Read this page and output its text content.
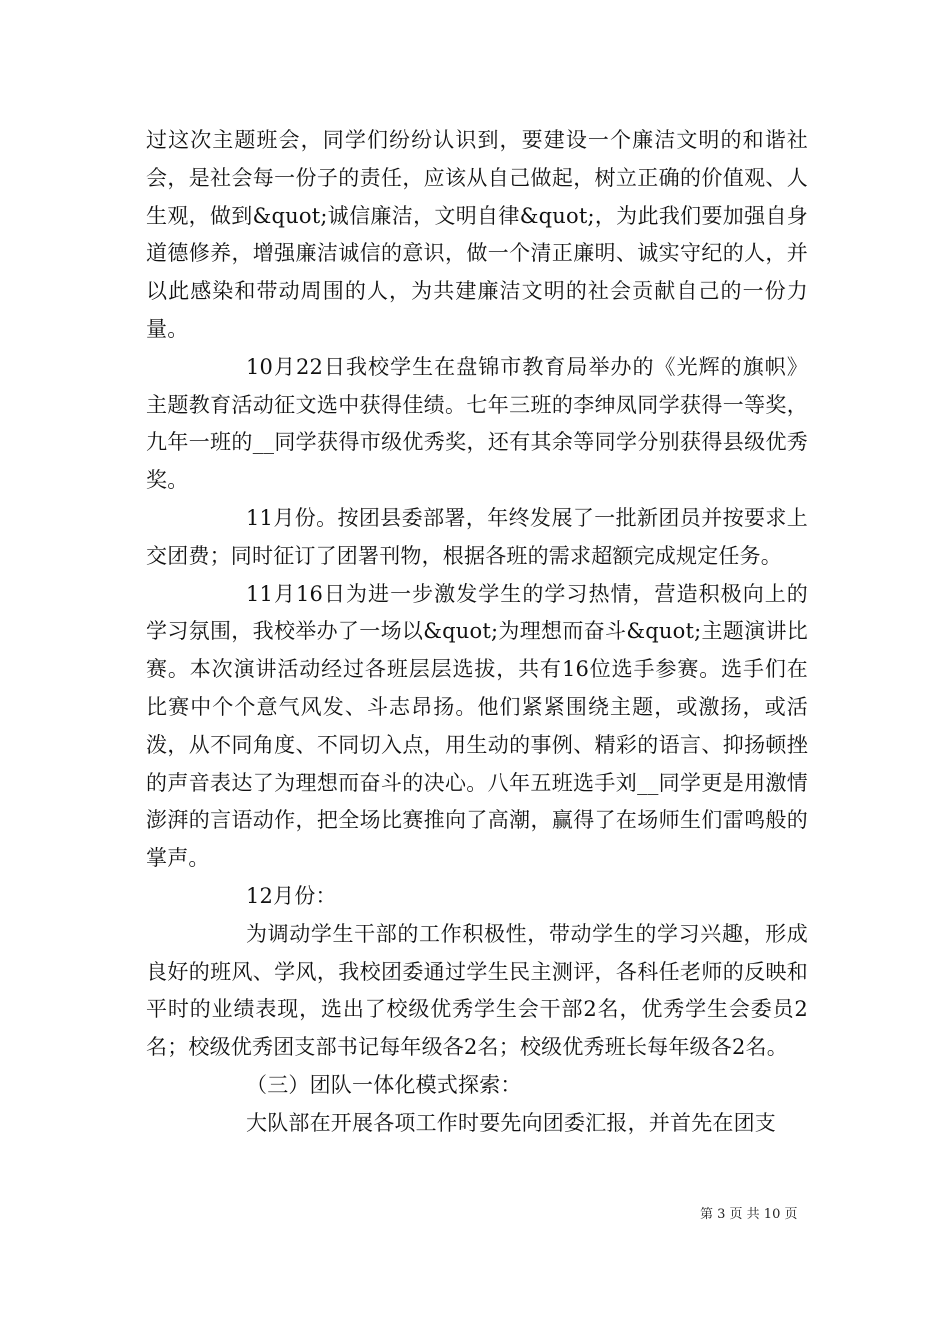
过这次主题班会，同学们纷纷认识到，要建设一个廉洁文明的和谐社会，是社会每一份子的责任，应该从自己做起，树立正确的价值观、人生观，做到&quot;诚信廉洁，文明自律&quot;，为此我们要加强自身道德修养，增强廉洁诚信的意识，做一个清正廉明、诚实守纪的人，并以此感染和带动周围的人，为共建廉洁文明的社会贡献自己的一份力量。

10月22日我校学生在盘锦市教育局举办的《光辉的旗帜》主题教育活动征文选中获得佳绩。七年三班的李绅凤同学获得一等奖，九年一班的__同学获得市级优秀奖，还有其余等同学分别获得县级优秀奖。

11月份。按团县委部署，年终发展了一批新团员并按要求上交团费；同时征订了团署刊物，根据各班的需求超额完成规定任务。

11月16日为进一步激发学生的学习热情，营造积极向上的学习氛围，我校举办了一场以&quot;为理想而奋斗&quot;主题演讲比赛。本次演讲活动经过各班层层选拔，共有16位选手参赛。选手们在比赛中个个意气风发、斗志昂扬。他们紧紧围绕主题，或激扬，或活泼，从不同角度、不同切入点，用生动的事例、精彩的语言、抑扬顿挫的声音表达了为理想而奋斗的决心。八年五班选手刘__同学更是用激情澎湃的言语动作，把全场比赛推向了高潮，赢得了在场师生们雷鸣般的掌声。

12月份：

为调动学生干部的工作积极性，带动学生的学习兴趣，形成良好的班风、学风，我校团委通过学生民主测评，各科任老师的反映和平时的业绩表现，选出了校级优秀学生会干部2名，优秀学生会委员2名；校级优秀团支部书记每年级各2名；校级优秀班长每年级各2名。

（三）团队一体化模式探索：

大队部在开展各项工作时要先向团委汇报，并首先在团支

第 3 页 共 10 页
